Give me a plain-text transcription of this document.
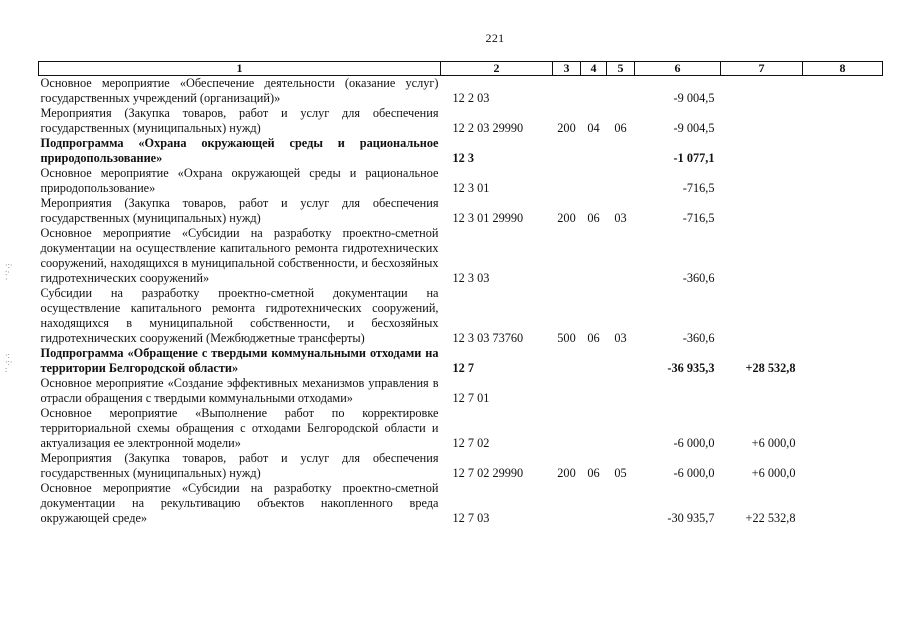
221
·:·
:·
·
·:
·:·
:
1	2	3	4	5	6	7	8
Основное мероприятие «Обеспечение деятельности (оказание услуг) государственных учреждений (организаций)»	12 2 03				-9 004,5		
Мероприятия (Закупка товаров, работ и услуг для обеспечения государственных (муниципальных) нужд)	12 2 03 29990	200	04	06	-9 004,5		
Подпрограмма «Охрана окружающей среды и рациональное природопользование»	12 3				-1 077,1		
Основное мероприятие «Охрана окружающей среды и рациональное природопользование»	12 3 01				-716,5		
Мероприятия (Закупка товаров, работ и услуг для обеспечения государственных (муниципальных) нужд)	12 3 01 29990	200	06	03	-716,5		
Основное мероприятие «Субсидии на разработку проектно-сметной документации на осуществление капитального ремонта гидротехнических сооружений, находящихся в муниципальной собственности, и бесхозяйных гидротехнических сооружений»	12 3 03				-360,6		
Субсидии на разработку проектно-сметной документации на осуществление капитального ремонта гидротехнических сооружений, находящихся в муниципальной собственности, и бесхозяйных гидротехнических сооружений (Межбюджетные трансферты)	12 3 03 73760	500	06	03	-360,6		
Подпрограмма «Обращение с твердыми коммунальными отходами на территории Белгородской области»	12 7				-36 935,3	+28 532,8	
Основное мероприятие «Создание эффективных механизмов управления в отрасли обращения с твердыми коммунальными отходами»	12 7 01						
Основное мероприятие «Выполнение работ по корректировке территориальной схемы обращения с отходами Белгородской области и актуализация ее электронной модели»	12 7 02				-6 000,0	+6 000,0	
Мероприятия (Закупка товаров, работ и услуг для обеспечения государственных (муниципальных) нужд)	12 7 02 29990	200	06	05	-6 000,0	+6 000,0	
Основное мероприятие «Субсидии на разработку проектно-сметной документации на рекультивацию объектов накопленного вреда окружающей среде»	12 7 03				-30 935,7	+22 532,8	
